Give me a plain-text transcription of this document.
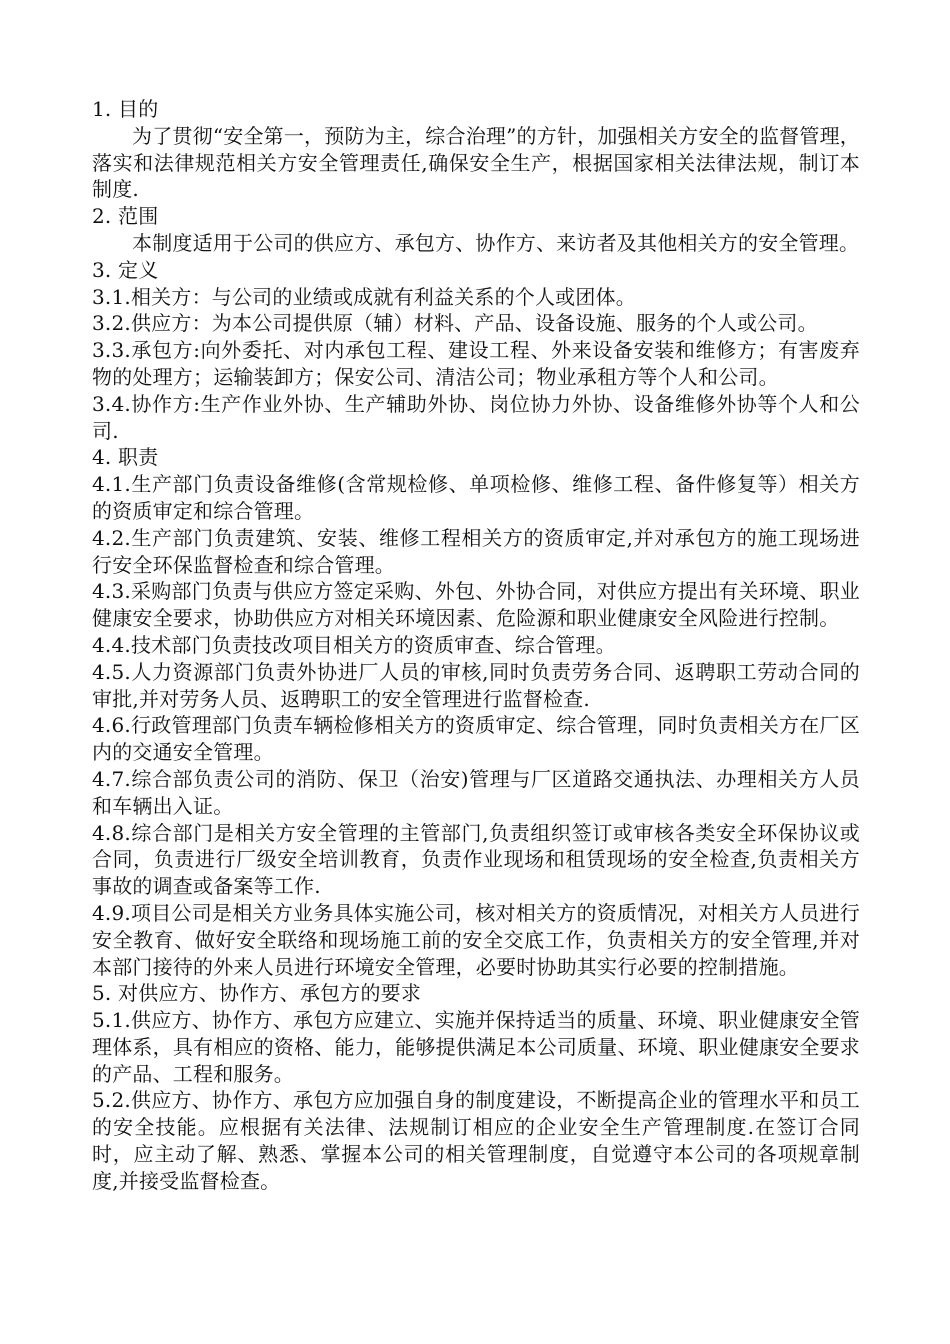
1. 目的

为了贯彻“安全第一，预防为主，综合治理”的方针，加强相关方安全的监督管理，落实和法律规范相关方安全管理责任,确保安全生产，根据国家相关法律法规，制订本制度.

2. 范围

本制度适用于公司的供应方、承包方、协作方、来访者及其他相关方的安全管理。

3. 定义

3.1.相关方：与公司的业绩或成就有利益关系的个人或团体。

3.2.供应方：为本公司提供原（辅）材料、产品、设备设施、服务的个人或公司。

3.3.承包方:向外委托、对内承包工程、建设工程、外来设备安装和维修方；有害废弃物的处理方；运输装卸方；保安公司、清洁公司；物业承租方等个人和公司。

3.4.协作方:生产作业外协、生产辅助外协、岗位协力外协、设备维修外协等个人和公司.

4. 职责

4.1.生产部门负责设备维修(含常规检修、单项检修、维修工程、备件修复等）相关方的资质审定和综合管理。

4.2.生产部门负责建筑、安装、维修工程相关方的资质审定,并对承包方的施工现场进行安全环保监督检查和综合管理。

4.3.采购部门负责与供应方签定采购、外包、外协合同，对供应方提出有关环境、职业健康安全要求，协助供应方对相关环境因素、危险源和职业健康安全风险进行控制。

4.4.技术部门负责技改项目相关方的资质审查、综合管理。

4.5.人力资源部门负责外协进厂人员的审核,同时负责劳务合同、返聘职工劳动合同的审批,并对劳务人员、返聘职工的安全管理进行监督检查.

4.6.行政管理部门负责车辆检修相关方的资质审定、综合管理，同时负责相关方在厂区内的交通安全管理。

4.7.综合部负责公司的消防、保卫（治安)管理与厂区道路交通执法、办理相关方人员和车辆出入证。

4.8.综合部门是相关方安全管理的主管部门,负责组织签订或审核各类安全环保协议或合同，负责进行厂级安全培训教育，负责作业现场和租赁现场的安全检查,负责相关方事故的调查或备案等工作.

4.9.项目公司是相关方业务具体实施公司，核对相关方的资质情况，对相关方人员进行安全教育、做好安全联络和现场施工前的安全交底工作，负责相关方的安全管理,并对本部门接待的外来人员进行环境安全管理，必要时协助其实行必要的控制措施。

5. 对供应方、协作方、承包方的要求

5.1.供应方、协作方、承包方应建立、实施并保持适当的质量、环境、职业健康安全管理体系，具有相应的资格、能力，能够提供满足本公司质量、环境、职业健康安全要求的产品、工程和服务。

5.2.供应方、协作方、承包方应加强自身的制度建设，不断提高企业的管理水平和员工的安全技能。应根据有关法律、法规制订相应的企业安全生产管理制度.在签订合同时，应主动了解、熟悉、掌握本公司的相关管理制度，自觉遵守本公司的各项规章制度,并接受监督检查。
